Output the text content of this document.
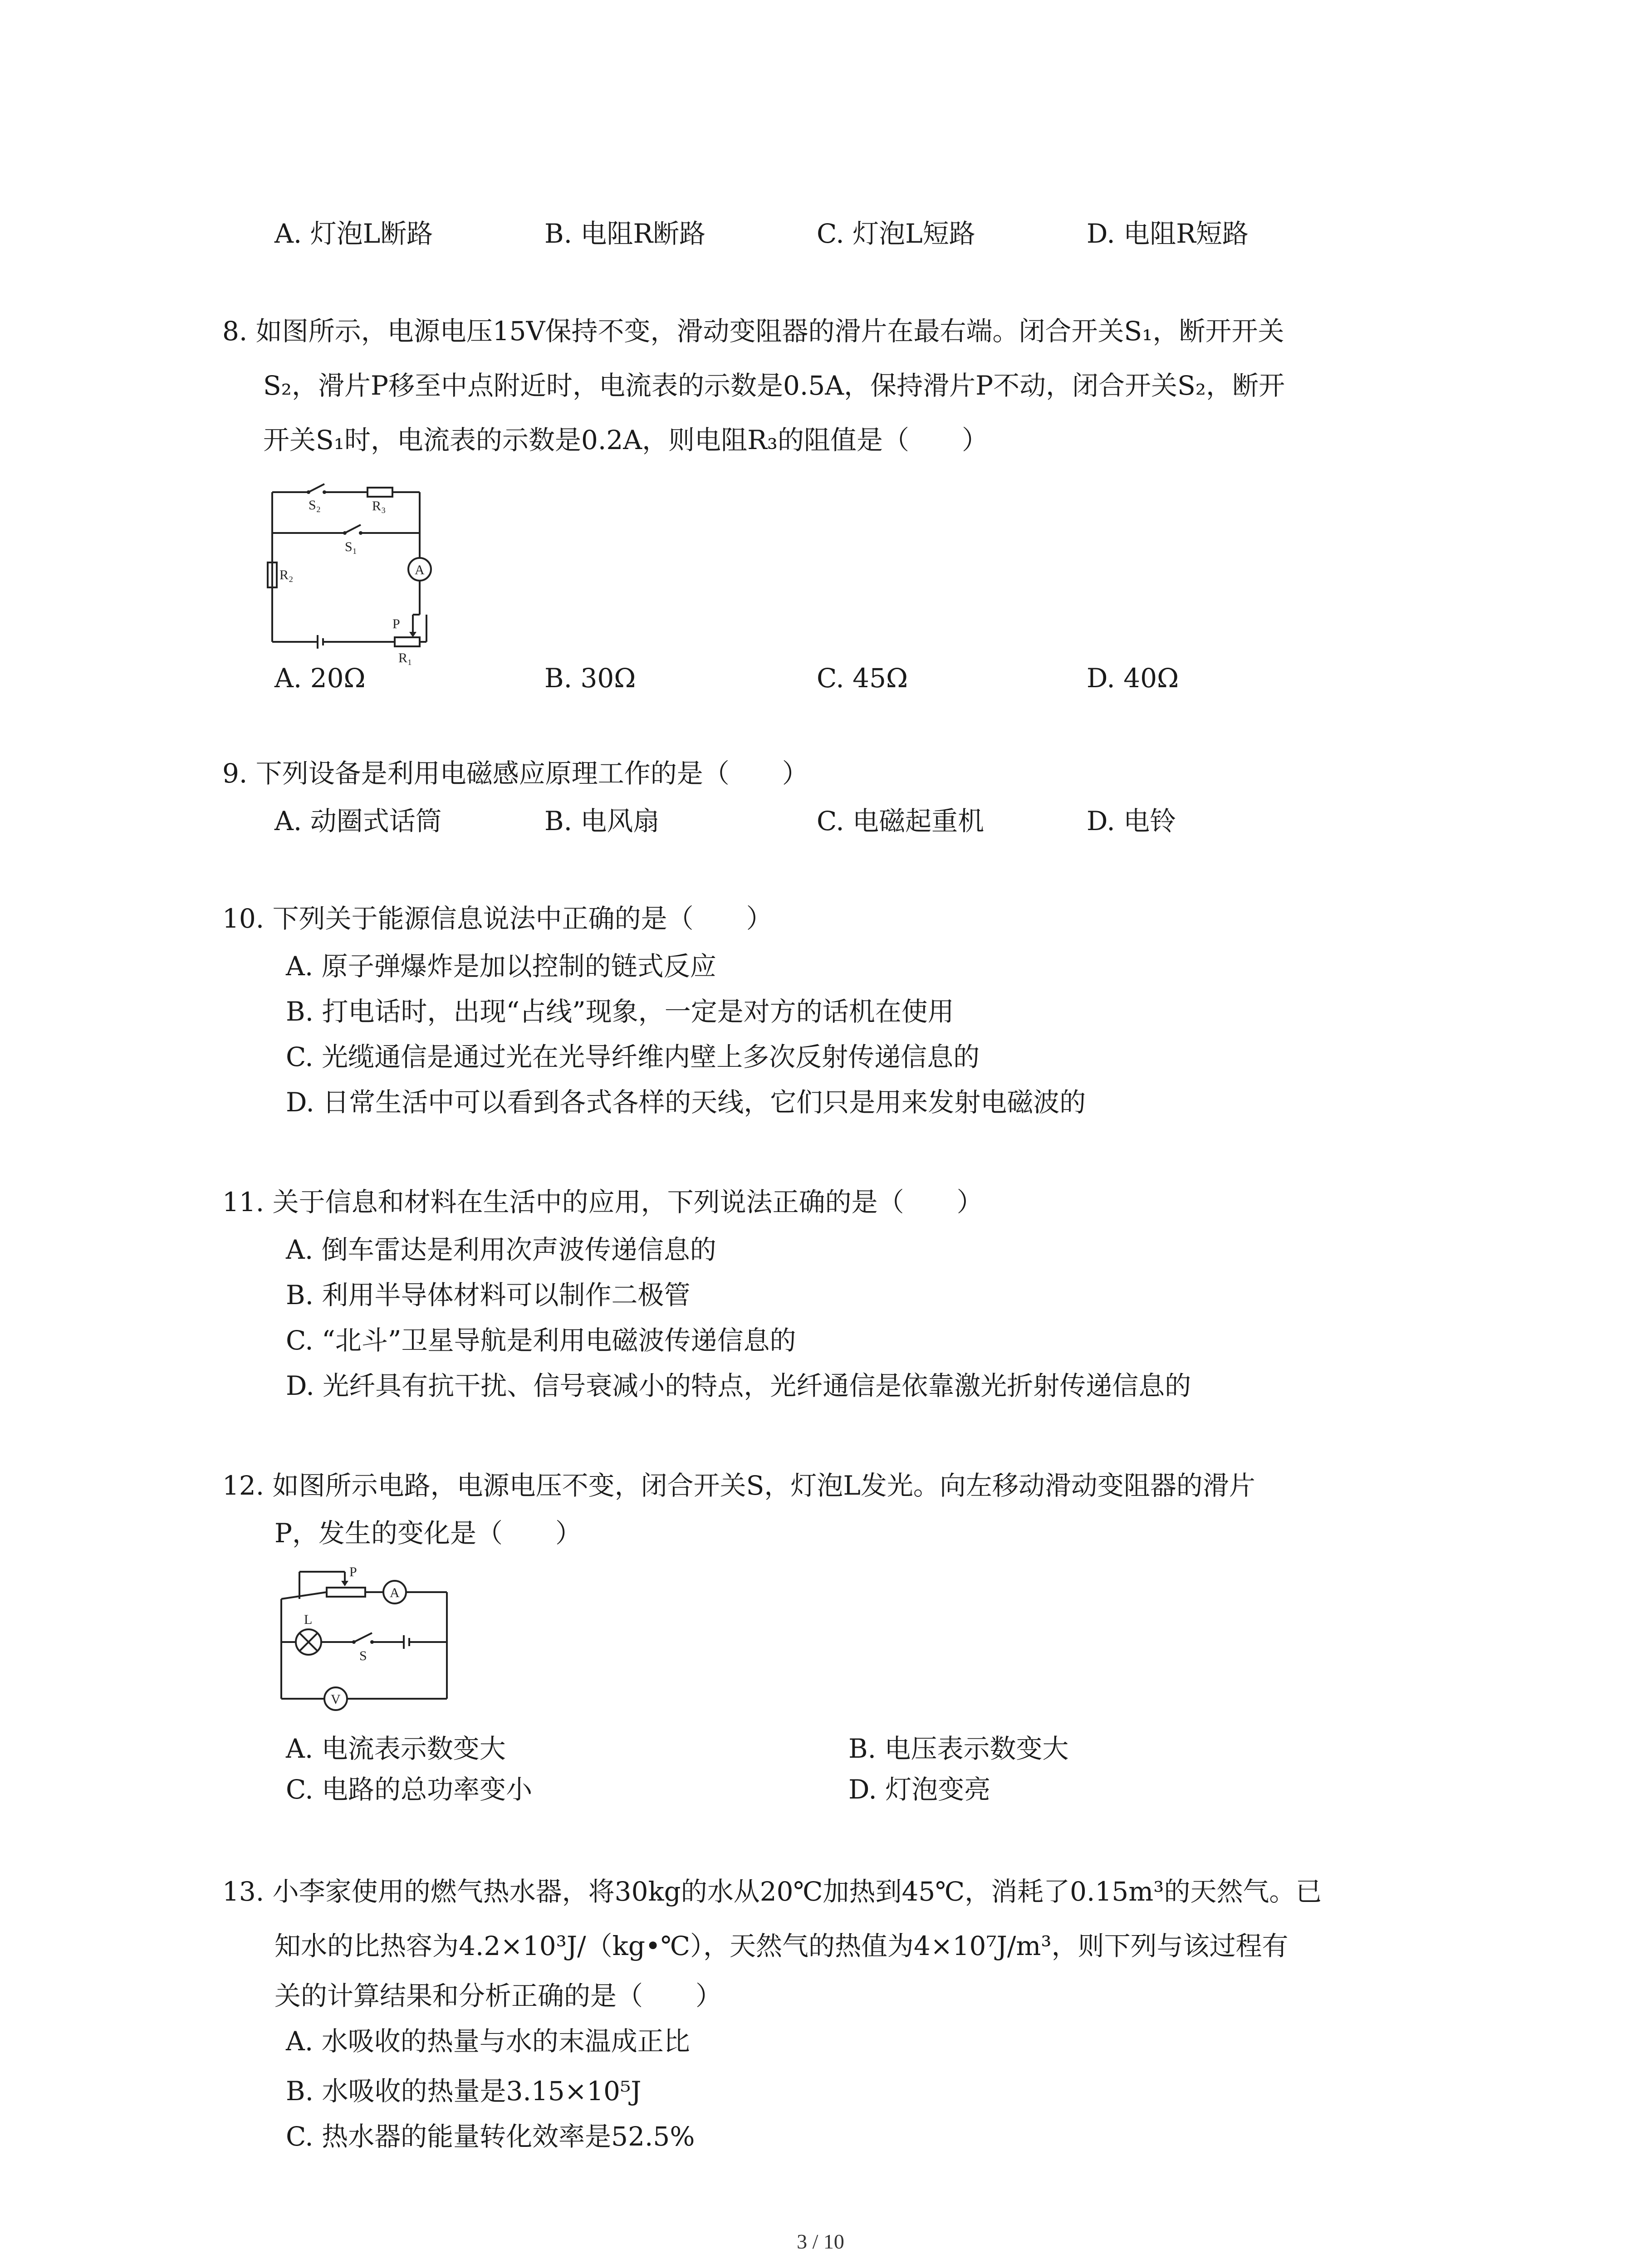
A. 灯泡L断路	B. 电阻R断路	C. 灯泡L短路	D. 电阻R短路
8. 如图所示，电源电压15V保持不变，滑动变阻器的滑片在最右端。闭合开关S₁，断开开关
S₂，滑片P移至中点附近时，电流表的示数是0.5A，保持滑片P不动，闭合开关S₂，断开
开关S₁时，电流表的示数是0.2A，则电阻R₃的阻值是（　　）
S₂	R₃
S₁
A
R₂
P
R₁
A. 20Ω	B. 30Ω	C. 45Ω	D. 40Ω
9. 下列设备是利用电磁感应原理工作的是（　　）
A. 动圈式话筒	B. 电风扇	C. 电磁起重机	D. 电铃
10. 下列关于能源信息说法中正确的是（　　）
A. 原子弹爆炸是加以控制的链式反应
B. 打电话时，出现“占线”现象，一定是对方的话机在使用
C. 光缆通信是通过光在光导纤维内壁上多次反射传递信息的
D. 日常生活中可以看到各式各样的天线，它们只是用来发射电磁波的
11. 关于信息和材料在生活中的应用，下列说法正确的是（　　）
A. 倒车雷达是利用次声波传递信息的
B. 利用半导体材料可以制作二极管
C. “北斗”卫星导航是利用电磁波传递信息的
D. 光纤具有抗干扰、信号衰减小的特点，光纤通信是依靠激光折射传递信息的
12. 如图所示电路，电源电压不变，闭合开关S，灯泡L发光。向左移动滑动变阻器的滑片
P，发生的变化是（　　）
P
A
L
S
V
A. 电流表示数变大	B. 电压表示数变大
C. 电路的总功率变小	D. 灯泡变亮
13. 小李家使用的燃气热水器，将30kg的水从20℃加热到45℃，消耗了0.15m³的天然气。已
知水的比热容为4.2×10³J/（kg•℃），天然气的热值为4×10⁷J/m³，则下列与该过程有
关的计算结果和分析正确的是（　　）
A. 水吸收的热量与水的末温成正比
B. 水吸收的热量是3.15×10⁵J
C. 热水器的能量转化效率是52.5%
3 / 10
